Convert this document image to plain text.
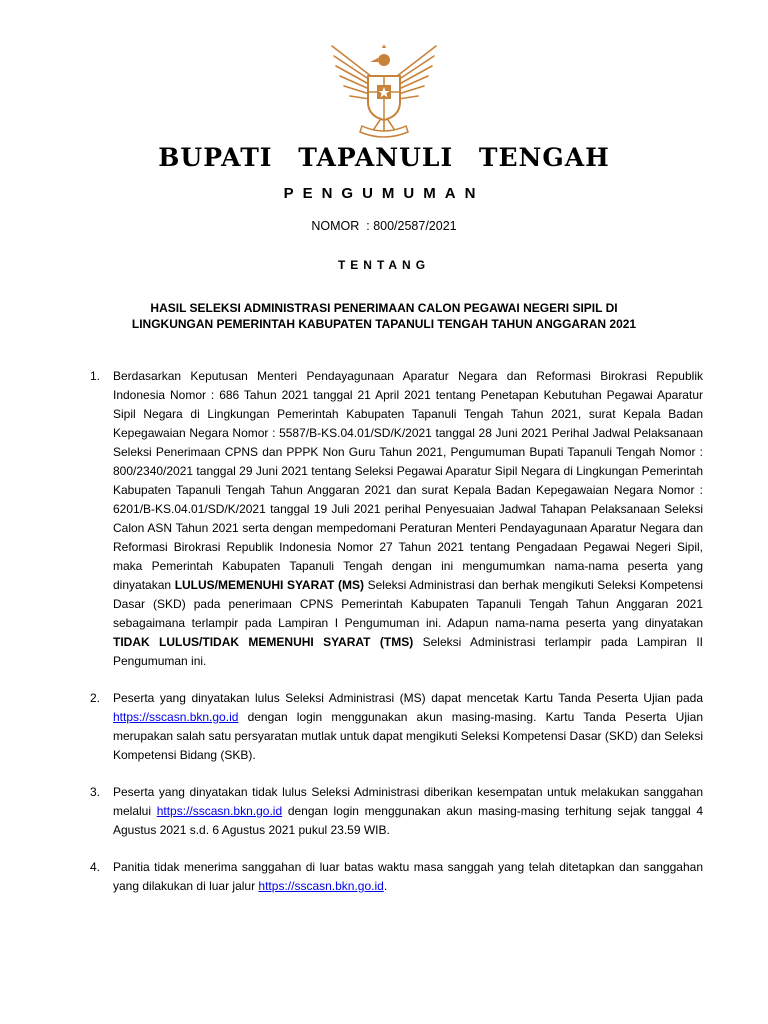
BUPATI TAPANULI TENGAH
PENGUMUMAN
NOMOR  : 800/2587/2021
TENTANG
HASIL SELEKSI ADMINISTRASI PENERIMAAN CALON PEGAWAI NEGERI SIPIL DI
LINGKUNGAN PEMERINTAH KABUPATEN TAPANULI TENGAH TAHUN ANGGARAN 2021
1. Berdasarkan Keputusan Menteri Pendayagunaan Aparatur Negara dan Reformasi Birokrasi Republik Indonesia Nomor : 686 Tahun 2021 tanggal 21 April 2021 tentang Penetapan Kebutuhan Pegawai Aparatur Sipil Negara di Lingkungan Pemerintah Kabupaten Tapanuli Tengah Tahun 2021, surat Kepala Badan Kepegawaian Negara Nomor : 5587/B-KS.04.01/SD/K/2021 tanggal 28 Juni 2021 Perihal Jadwal Pelaksanaan Seleksi Penerimaan CPNS dan PPPK Non Guru Tahun 2021, Pengumuman Bupati Tapanuli Tengah Nomor : 800/2340/2021 tanggal 29 Juni 2021 tentang Seleksi Pegawai Aparatur Sipil Negara di Lingkungan Pemerintah Kabupaten Tapanuli Tengah Tahun Anggaran 2021 dan surat Kepala Badan Kepegawaian Negara Nomor : 6201/B-KS.04.01/SD/K/2021 tanggal 19 Juli 2021 perihal Penyesuaian Jadwal Tahapan Pelaksanaan Seleksi Calon ASN Tahun 2021 serta dengan mempedomani Peraturan Menteri Pendayagunaan Aparatur Negara dan Reformasi Birokrasi Republik Indonesia Nomor 27 Tahun 2021 tentang Pengadaan Pegawai Negeri Sipil, maka Pemerintah Kabupaten Tapanuli Tengah dengan ini mengumumkan nama-nama peserta yang dinyatakan LULUS/MEMENUHI SYARAT (MS) Seleksi Administrasi dan berhak mengikuti Seleksi Kompetensi Dasar (SKD) pada penerimaan CPNS Pemerintah Kabupaten Tapanuli Tengah Tahun Anggaran 2021 sebagaimana terlampir pada Lampiran I Pengumuman ini. Adapun nama-nama peserta yang dinyatakan TIDAK LULUS/TIDAK MEMENUHI SYARAT (TMS) Seleksi Administrasi terlampir pada Lampiran II Pengumuman ini.
2. Peserta yang dinyatakan lulus Seleksi Administrasi (MS) dapat mencetak Kartu Tanda Peserta Ujian pada https://sscasn.bkn.go.id dengan login menggunakan akun masing-masing. Kartu Tanda Peserta Ujian merupakan salah satu persyaratan mutlak untuk dapat mengikuti Seleksi Kompetensi Dasar (SKD) dan Seleksi Kompetensi Bidang (SKB).
3. Peserta yang dinyatakan tidak lulus Seleksi Administrasi diberikan kesempatan untuk melakukan sanggahan melalui https://sscasn.bkn.go.id dengan login menggunakan akun masing-masing terhitung sejak tanggal 4 Agustus 2021 s.d. 6 Agustus 2021 pukul 23.59 WIB.
4. Panitia tidak menerima sanggahan di luar batas waktu masa sanggah yang telah ditetapkan dan sanggahan yang dilakukan di luar jalur https://sscasn.bkn.go.id.
